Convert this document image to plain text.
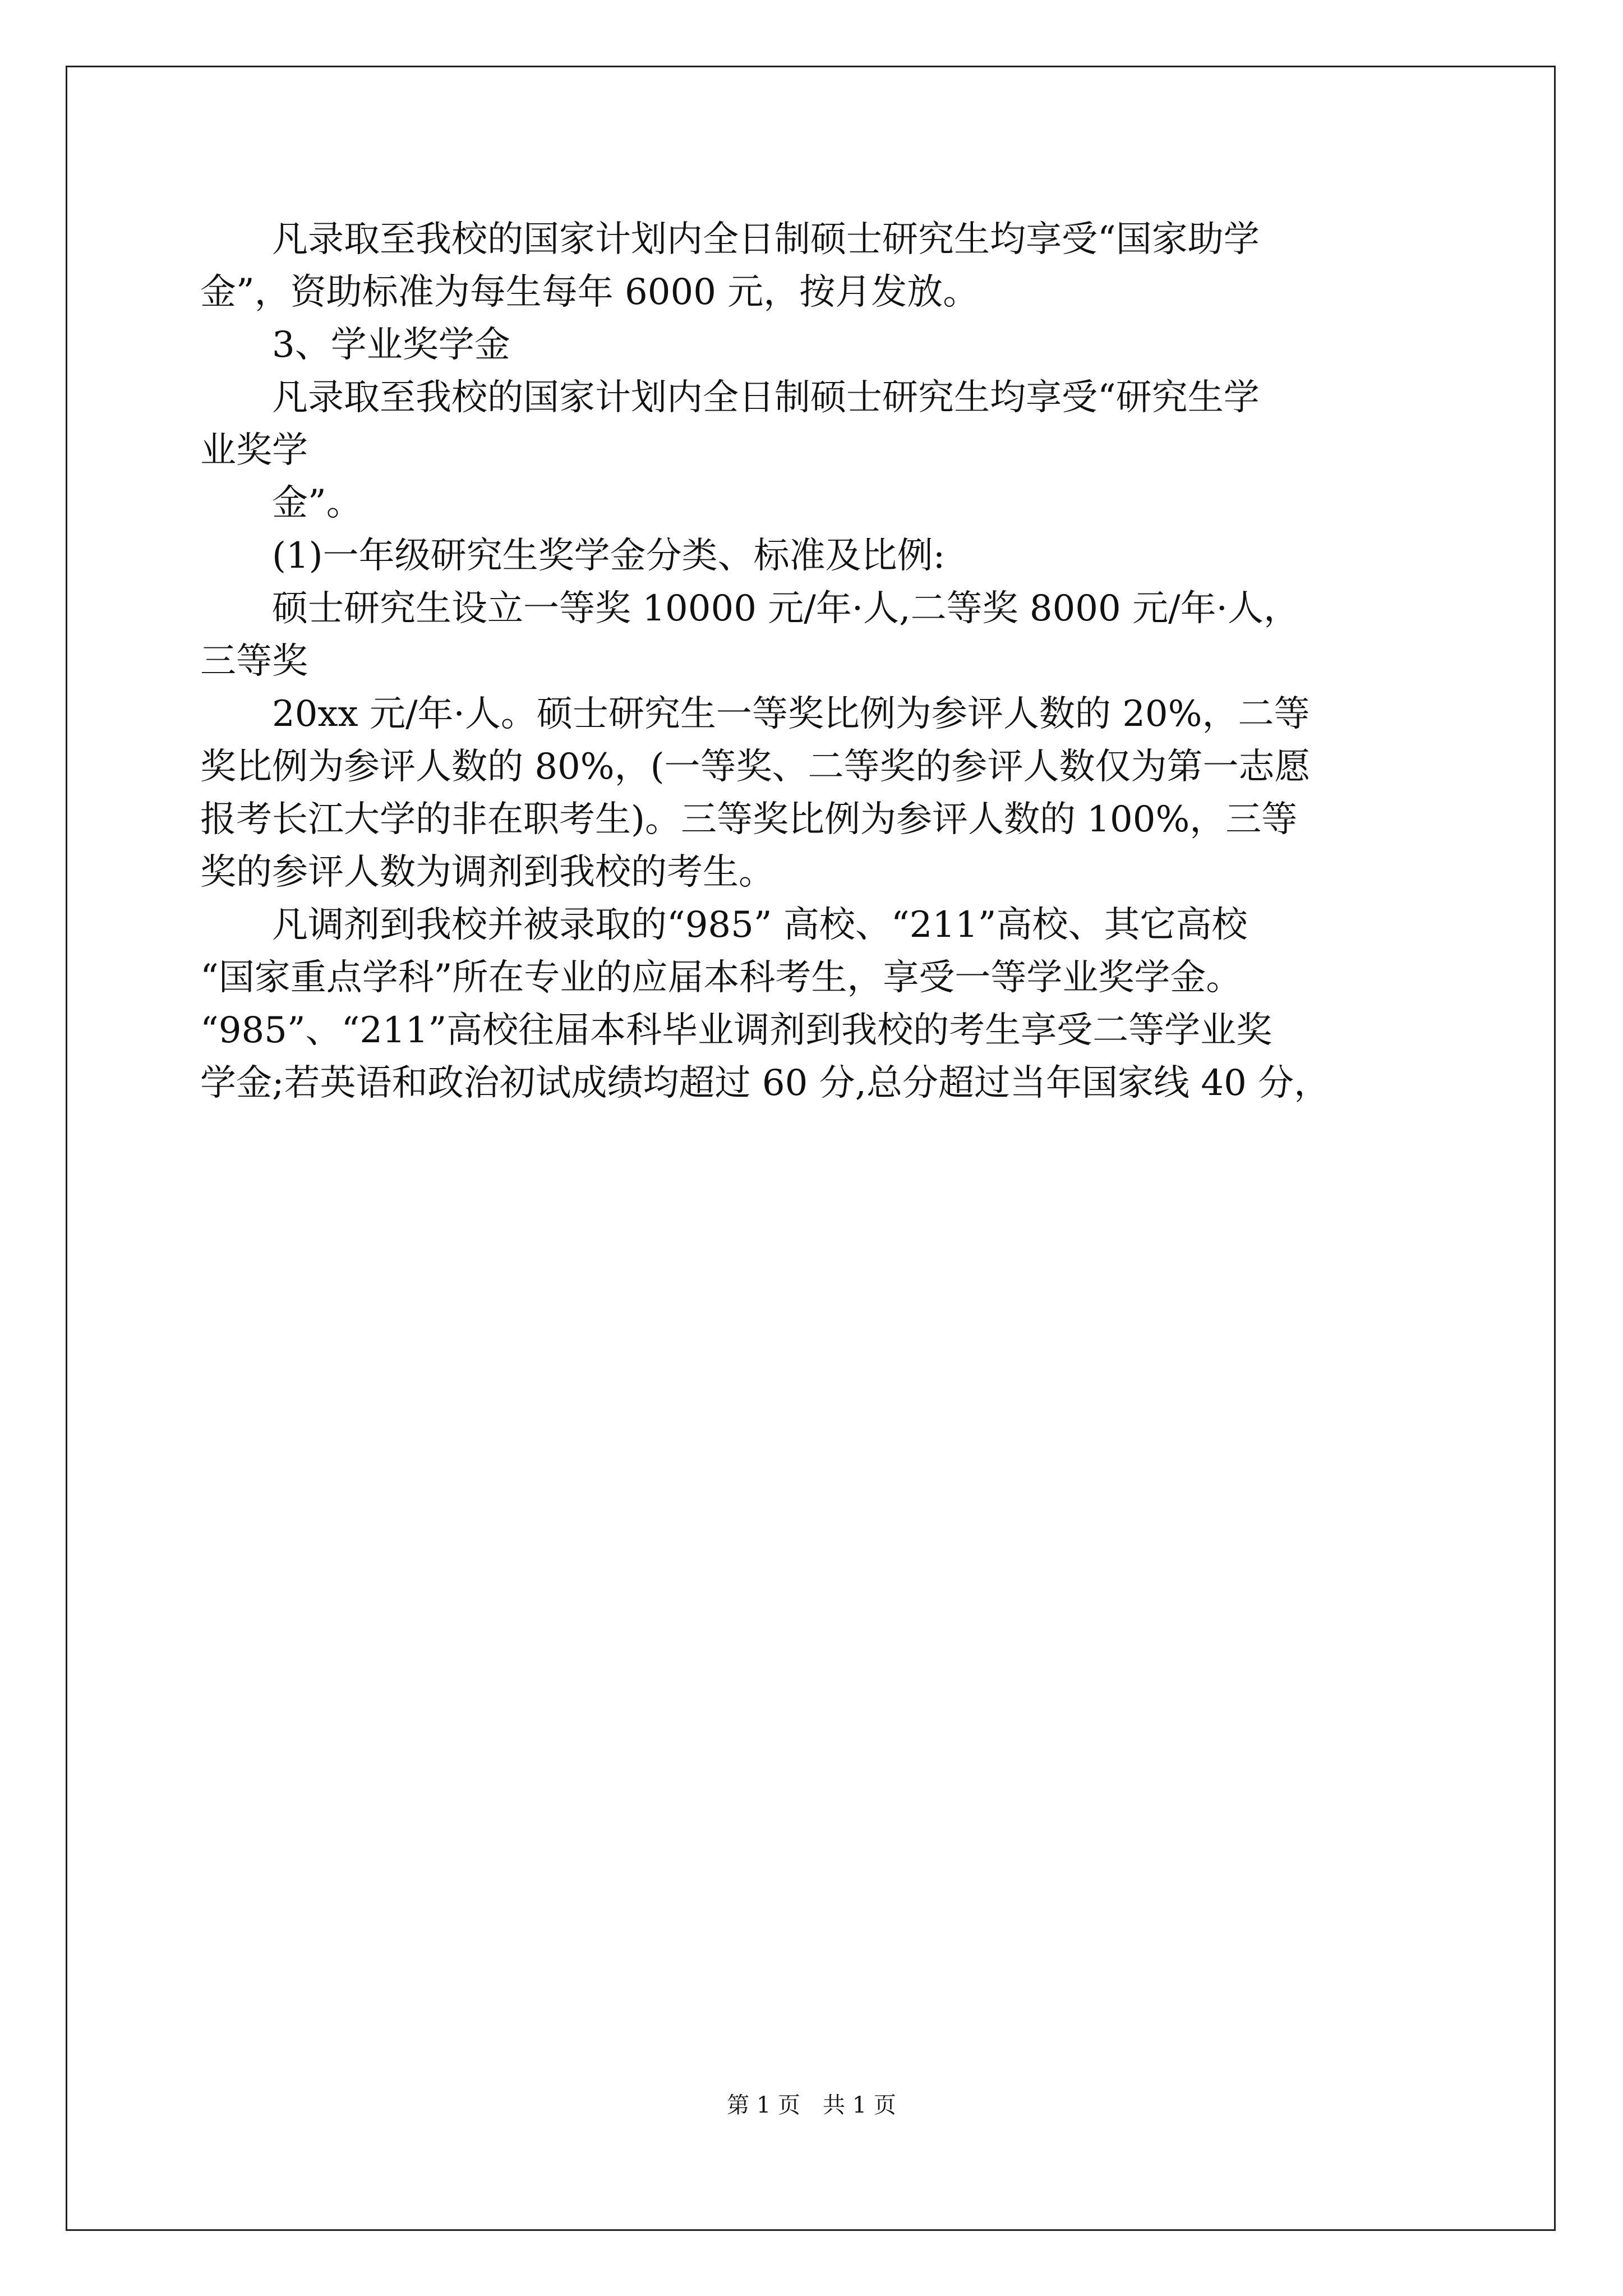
　　凡录取至我校的国家计划内全日制硕士研究生均享受“国家助学
金”，资助标准为每生每年 6000 元，按月发放。
　　3、学业奖学金
　　凡录取至我校的国家计划内全日制硕士研究生均享受“研究生学
业奖学
　　金”。
　　(1)一年级研究生奖学金分类、标准及比例:
　　硕士研究生设立一等奖 10000 元/年·人,二等奖 8000 元/年·人，
三等奖
　　20xx 元/年·人。硕士研究生一等奖比例为参评人数的 20%，二等
奖比例为参评人数的 80%，(一等奖、二等奖的参评人数仅为第一志愿
报考长江大学的非在职考生)。三等奖比例为参评人数的 100%，三等
奖的参评人数为调剂到我校的考生。
　　凡调剂到我校并被录取的“985” 高校、“211”高校、其它高校
“国家重点学科”所在专业的应届本科考生，享受一等学业奖学金。
“985”、“211”高校往届本科毕业调剂到我校的考生享受二等学业奖
学金;若英语和政治初试成绩均超过 60 分,总分超过当年国家线 40 分，
第 1 页　共 1 页
